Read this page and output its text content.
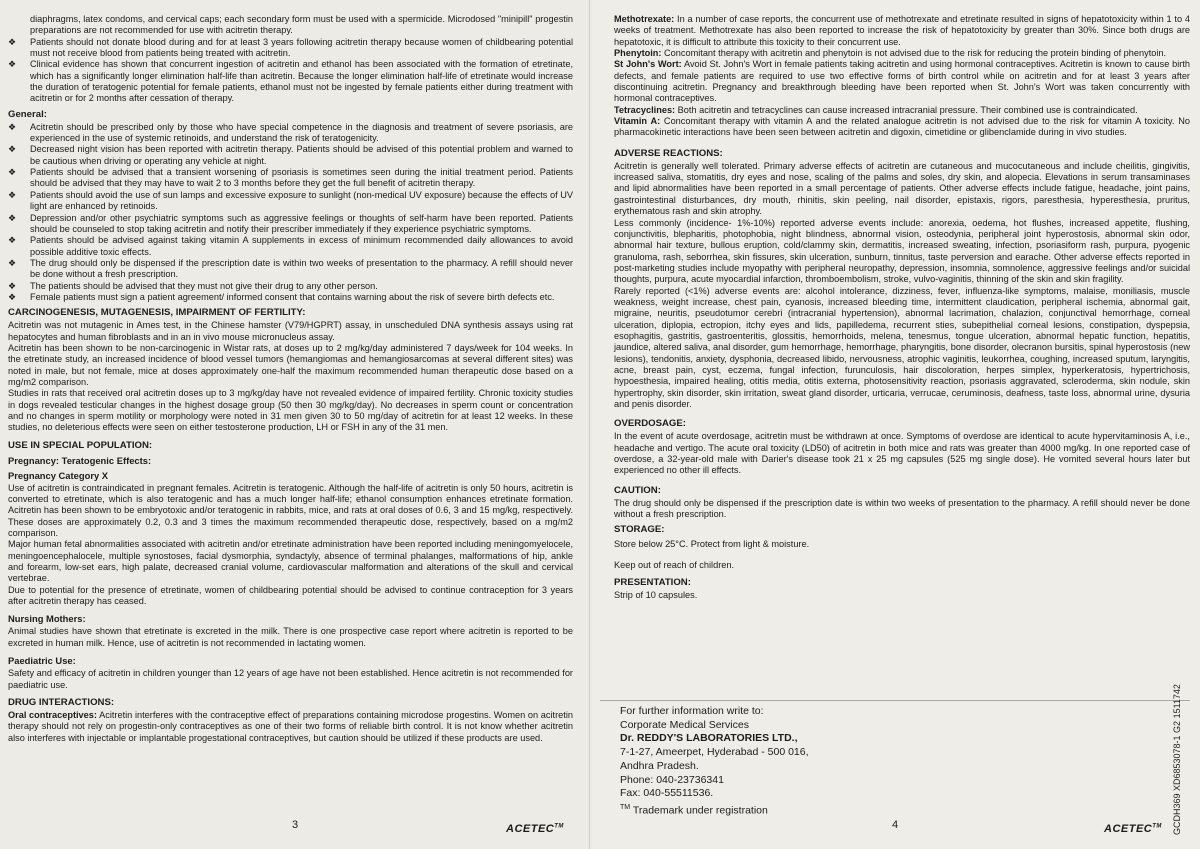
diaphragms, latex condoms, and cervical caps; each secondary form must be used with a spermicide. Microdosed "minipill" progestin preparations are not recommended for use with acitretin therapy.

❖ Patients should not donate blood during and for at least 3 years following acitretin therapy because women of childbearing potential must not receive blood from patients being treated with acitretin.
❖ Clinical evidence has shown that concurrent ingestion of acitretin and ethanol has been associated with the formation of etretinate, which has a significantly longer elimination half-life than acitretin. Because the longer elimination half-life of etretinate would increase the duration of teratogenic potential for female patients, ethanol must not be ingested by female patients either during treatment with acitretin or for 2 months after cessation of therapy.
General:
❖ Acitretin should be prescribed only by those who have special competence in the diagnosis and treatment of severe psoriasis, are experienced in the use of systemic retinoids, and understand the risk of teratogenicity.
❖ Decreased night vision has been reported with acitretin therapy. Patients should be advised of this potential problem and warned to be cautious when driving or operating any vehicle at night.
❖ Patients should be advised that a transient worsening of psoriasis is sometimes seen during the initial treatment period. Patients should be advised that they may have to wait 2 to 3 months before they get the full benefit of acitretin therapy.
❖ Patients should avoid the use of sun lamps and excessive exposure to sunlight (non-medical UV exposure) because the effects of UV light are enhanced by retinoids.
❖ Depression and/or other psychiatric symptoms such as aggressive feelings or thoughts of self-harm have been reported. Patients should be counseled to stop taking acitretin and notify their prescriber immediately if they experience psychiatric symptoms.
❖ Patients should be advised against taking vitamin A supplements in excess of minimum recommended daily allowances to avoid possible additive toxic effects.
❖ The drug should only be dispensed if the prescription date is within two weeks of presentation to the pharmacy. A refill should never be done without a fresh prescription.
❖ The patients should be advised that they must not give their drug to any other person.
❖ Female patients must sign a patient agreement/ informed consent that contains warning about the risk of severe birth defects etc.
CARCINOGENESIS, MUTAGENESIS, IMPAIRMENT OF FERTILITY:

Acitretin was not mutagenic in Ames test, in the Chinese hamster (V79/HGPRT) assay, in unscheduled DNA synthesis assays using rat hepatocytes and human fibroblasts and in an in vivo mouse micronucleus assay.

Acitretin has been shown to be non-carcinogenic in Wistar rats, at doses up to 2 mg/kg/day administered 7 days/week for 104 weeks. In the etretinate study, an increased incidence of blood vessel tumors (hemangiomas and hemangiosarcomas at several different sites) was noted in male, but not female, mice at doses approximately one-half the maximum recommended human therapeutic dose based on a mg/m2 comparison.

Studies in rats that received oral acitretin doses up to 3 mg/kg/day have not revealed evidence of impaired fertility. Chronic toxicity studies in dogs revealed testicular changes in the highest dosage group (50 then 30 mg/kg/day). No decreases in sperm count or concentration and no changes in sperm motility or morphology were noted in 31 men given 30 to 50 mg/day of acitretin for at least 12 weeks. In these studies, no deleterious effects were seen on either testosterone production, LH or FSH in any of the 31 men.

USE IN SPECIAL POPULATION:
Pregnancy: Teratogenic Effects:
Pregnancy Category X

Use of acitretin is contraindicated in pregnant females. Acitretin is teratogenic. Although the half-life of acitretin is only 50 hours, acitretin is converted to etretinate, which is also teratogenic and has a much longer half-life; ethanol consumption enhances etretinate formation. Acitretin has been shown to be embryotoxic and/or teratogenic in rabbits, mice, and rats at oral doses of 0.6, 3 and 15 mg/kg, respectively. These doses are approximately 0.2, 0.3 and 3 times the maximum recommended therapeutic dose, respectively, based on a mg/m2 comparison.

Major human fetal abnormalities associated with acitretin and/or etretinate administration have been reported including meningomyelocele, meningoencephalocele, multiple synostoses, facial dysmorphia, syndactyly, absence of terminal phalanges, malformations of hip, ankle and forearm, low-set ears, high palate, decreased cranial volume, cardiovascular malformation and alterations of the skull and cervical vertebrae.

Due to potential for the presence of etretinate, women of childbearing potential should be advised to continue contraception for 3 years after acitretin therapy has ceased.

Nursing Mothers:

Animal studies have shown that etretinate is excreted in the milk. There is one prospective case report where acitretin is reported to be excreted in human milk. Hence, use of acitretin is not recommended in lactating women.

Paediatric Use:

Safety and efficacy of acitretin in children younger than 12 years of age have not been established. Hence acitretin is not recommended for paediatric use.

DRUG INTERACTIONS:

Oral contraceptives: Acitretin interferes with the contraceptive effect of preparations containing microdose progestins. Women on acitretin therapy should not rely on progestin-only contraceptives as one of their two forms of reliable birth control. It is not know whether acitretin also interferes with injectable or implantable progestational contraceptives, but caution should be utilized if these products are used.

3	ACETEC™

Methotrexate: In a number of case reports, the concurrent use of methotrexate and etretinate resulted in signs of hepatotoxicity within 1 to 4 weeks of treatment. Methotrexate has also been reported to increase the risk of hepatotoxicity by greater than 30%. Since both drugs are hepatotoxic, it is difficult to attribute this toxicity to their concurrent use.

Phenytoin: Concomitant therapy with acitretin and phenytoin is not advised due to the risk for reducing the protein binding of phenytoin.

St John's Wort: Avoid St. John's Wort in female patients taking acitretin and using hormonal contraceptives. Acitretin is known to cause birth defects, and female patients are required to use two effective forms of birth control while on acitretin and for at least 3 years after discontinuing acitretin. Pregnancy and breakthrough bleeding have been reported when St. John's Wort was taken concurrently with hormonal contraceptives.

Tetracyclines: Both acitretin and tetracyclines can cause increased intracranial pressure. Their combined use is contraindicated.

Vitamin A: Concomitant therapy with vitamin A and the related analogue acitretin is not advised due to the risk for vitamin A toxicity. No pharmacokinetic interactions have been seen between acitretin and digoxin, cimetidine or glibenclamide during in vivo studies.

ADVERSE REACTIONS:

Acitretin is generally well tolerated. Primary adverse effects of acitretin are cutaneous and mucocutaneous and include cheilitis, gingivitis, increased saliva, stomatitis, dry eyes and nose, scaling of the palms and soles, dry skin, and alopecia. Elevations in serum transaminases and lipid abnormalities have been reported in a small percentage of patients. Other adverse effects include fatigue, headache, joint pains, gastrointestinal disturbances, dry mouth, rhinitis, skin peeling, nail disorder, epistaxis, rigors, paresthesia, hyperesthesia, pruritus, erythematous rash and skin atrophy.

Less commonly (incidence- 1%-10%) reported adverse events include: anorexia, oedema, hot flushes, increased appetite, flushing, conjunctivitis, blepharitis, photophobia, night blindness, abnormal vision, osteodynia, peripheral joint hyperostosis, abnormal skin odor, abnormal hair texture, bullous eruption, cold/clammy skin, dermatitis, increased sweating, infection, psoriasiform rash, purpura, pyogenic granuloma, rash, seborrhea, skin fissures, skin ulceration, sunburn, tinnitus, taste perversion and earache. Other adverse effects reported in post-marketing studies include myopathy with peripheral neuropathy, depression, insomnia, somnolence, aggressive feelings and/or suicidal thoughts, purpura, acute myocardial infarction, thromboembolism, stroke, vulvo-vaginitis, thinning of the skin and skin fragility.

Rarely reported (<1%) adverse events are: alcohol intolerance, dizziness, fever, influenza-like symptoms, malaise, moniliasis, muscle weakness, weight increase, chest pain, cyanosis, increased bleeding time, intermittent claudication, peripheral ischemia, abnormal gait, migraine, neuritis, pseudotumor cerebri (intracranial hypertension), abnormal lacrimation, chalazion, conjunctival hemorrhage, corneal ulceration, diplopia, ectropion, itchy eyes and lids, papilledema, recurrent sties, subepithelial corneal lesions, constipation, dyspepsia, esophagitis, gastritis, gastroenteritis, glossitis, hemorrhoids, melena, tenesmus, tongue ulceration, abnormal hepatic function, hepatitis, jaundice, altered saliva, anal disorder, gum hemorrhage, hemorrhage, pharyngitis, bone disorder, olecranon bursitis, spinal hyperostosis (new lesions), tendonitis, anxiety, dysphonia, decreased libido, nervousness, atrophic vaginitis, leukorrhea, coughing, increased sputum, laryngitis, acne, breast pain, cyst, eczema, fungal infection, furunculosis, hair discoloration, herpes simplex, hyperkeratosis, hypertrichosis, hypoesthesia, impaired healing, otitis media, otitis externa, photosensitivity reaction, psoriasis aggravated, scleroderma, skin nodule, skin hypertrophy, skin disorder, skin irritation, sweat gland disorder, urticaria, verrucae, ceruminosis, deafness, taste loss, abnormal urine, dysuria and penis disorder.

OVERDOSAGE:

In the event of acute overdosage, acitretin must be withdrawn at once. Symptoms of overdose are identical to acute hypervitaminosis A, i.e., headache and vertigo. The acute oral toxicity (LD50) of acitretin in both mice and rats was greater than 4000 mg/kg. In one reported case of overdose, a 32-year-old male with Darier's disease took 21 x 25 mg capsules (525 mg single dose). He vomited several hours later but experienced no other ill effects.

CAUTION:

The drug should only be dispensed if the prescription date is within two weeks of presentation to the pharmacy. A refill should never be done without a fresh prescription.

STORAGE:

Store below 25°C. Protect from light & moisture.

Keep out of reach of children.

PRESENTATION:

Strip of 10 capsules.

4	ACETEC™
For further information write to:
Corporate Medical Services
Dr. REDDY'S LABORATORIES LTD.,
7-1-27, Ameerpet, Hyderabad - 500 016,
Andhra Pradesh.
Phone: 040-23736341
Fax: 040-55511536.
™ Trademark under registration	GCDH369 XD6853078-1 G2 1511742
